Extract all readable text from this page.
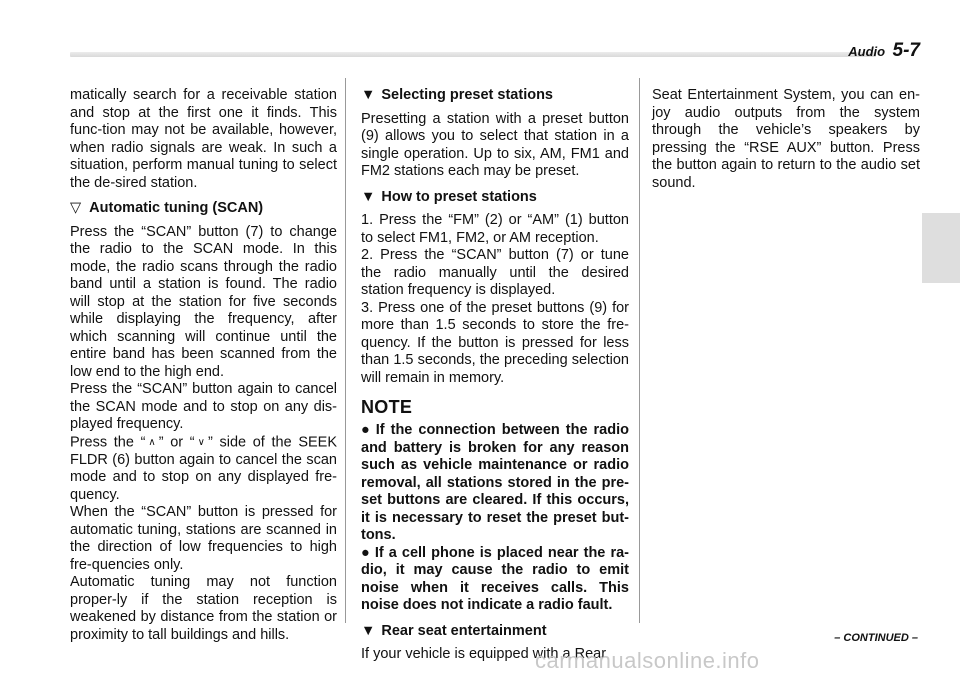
Audio 5-7

matically search for a receivable station and stop at the first one it finds. This func-tion may not be available, however, when radio signals are weak. In such a situation, perform manual tuning to select the de-sired station.

▽ Automatic tuning (SCAN)

Press the “SCAN” button (7) to change the radio to the SCAN mode. In this mode, the radio scans through the radio band until a station is found. The radio will stop at the station for five seconds while displaying the frequency, after which scanning will continue until the entire band has been scanned from the low end to the high end.

Press the “SCAN” button again to cancel the SCAN mode and to stop on any dis-played frequency.

Press the “ ∧ ” or “ ∨ ” side of the SEEK FLDR (6) button again to cancel the scan mode and to stop on any displayed fre-quency.

When the “SCAN” button is pressed for automatic tuning, stations are scanned in the direction of low frequencies to high fre-quencies only.

Automatic tuning may not function proper-ly if the station reception is weakened by distance from the station or proximity to tall buildings and hills.

▼ Selecting preset stations

Presetting a station with a preset button (9) allows you to select that station in a single operation. Up to six, AM, FM1 and FM2 stations each may be preset.

▼ How to preset stations

1. Press the “FM” (2) or “AM” (1) button to select FM1, FM2, or AM reception.

2. Press the “SCAN” button (7) or tune the radio manually until the desired station frequency is displayed.

3. Press one of the preset buttons (9) for more than 1.5 seconds to store the fre-quency. If the button is pressed for less than 1.5 seconds, the preceding selection will remain in memory.

NOTE
● If the connection between the radio and battery is broken for any reason such as vehicle maintenance or radio removal, all stations stored in the pre-set buttons are cleared. If this occurs, it is necessary to reset the preset but-tons.
● If a cell phone is placed near the ra-dio, it may cause the radio to emit noise when it receives calls. This noise does not indicate a radio fault.
▼ Rear seat entertainment

If your vehicle is equipped with a Rear

Seat Entertainment System, you can en-joy audio outputs from the system through the vehicle’s speakers by pressing the “RSE AUX” button. Press the button again to return to the audio set sound.

– CONTINUED –
carmanualsonline.info
